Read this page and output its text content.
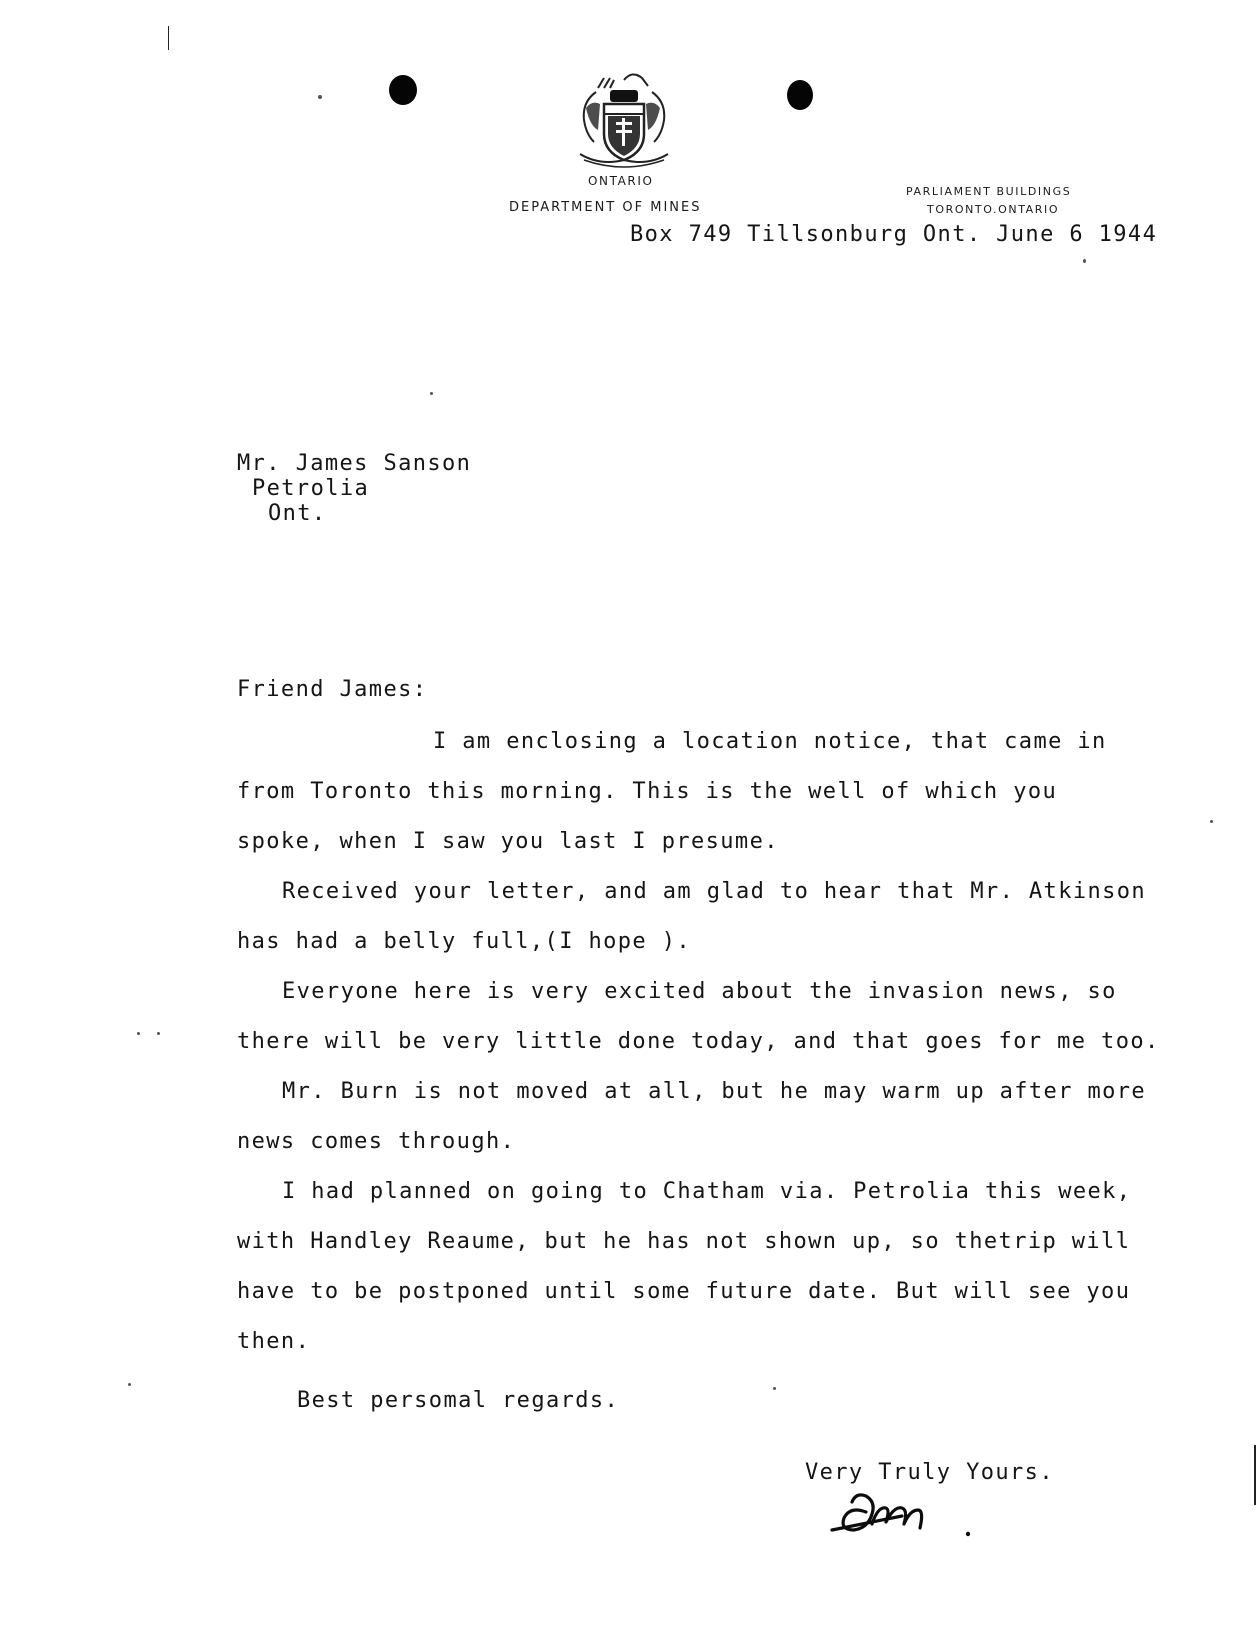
ONTARIO
DEPARTMENT OF MINES
PARLIAMENT BUILDINGS
TORONTO.ONTARIO
Box 749 Tillsonburg Ont. June 6 1944
Mr. James Sanson
Petrolia
Ont.
Friend James:
I am enclosing a location notice, that came in
from Toronto this morning. This is the well of which you
spoke, when I saw you last I presume.
Received your letter, and am glad to hear that Mr. Atkinson
has had a belly full,(I hope ).
Everyone here is very excited about the invasion news, so
there will be very little done today, and that goes for me too.
Mr. Burn is not moved at all, but he may warm up after more
news comes through.
I had planned on going to Chatham via. Petrolia this week,
with Handley Reaume, but he has not shown up, so thetrip will
have to be postponed until some future date. But will see you
then.
Best persomal regards.
Very Truly Yours.
